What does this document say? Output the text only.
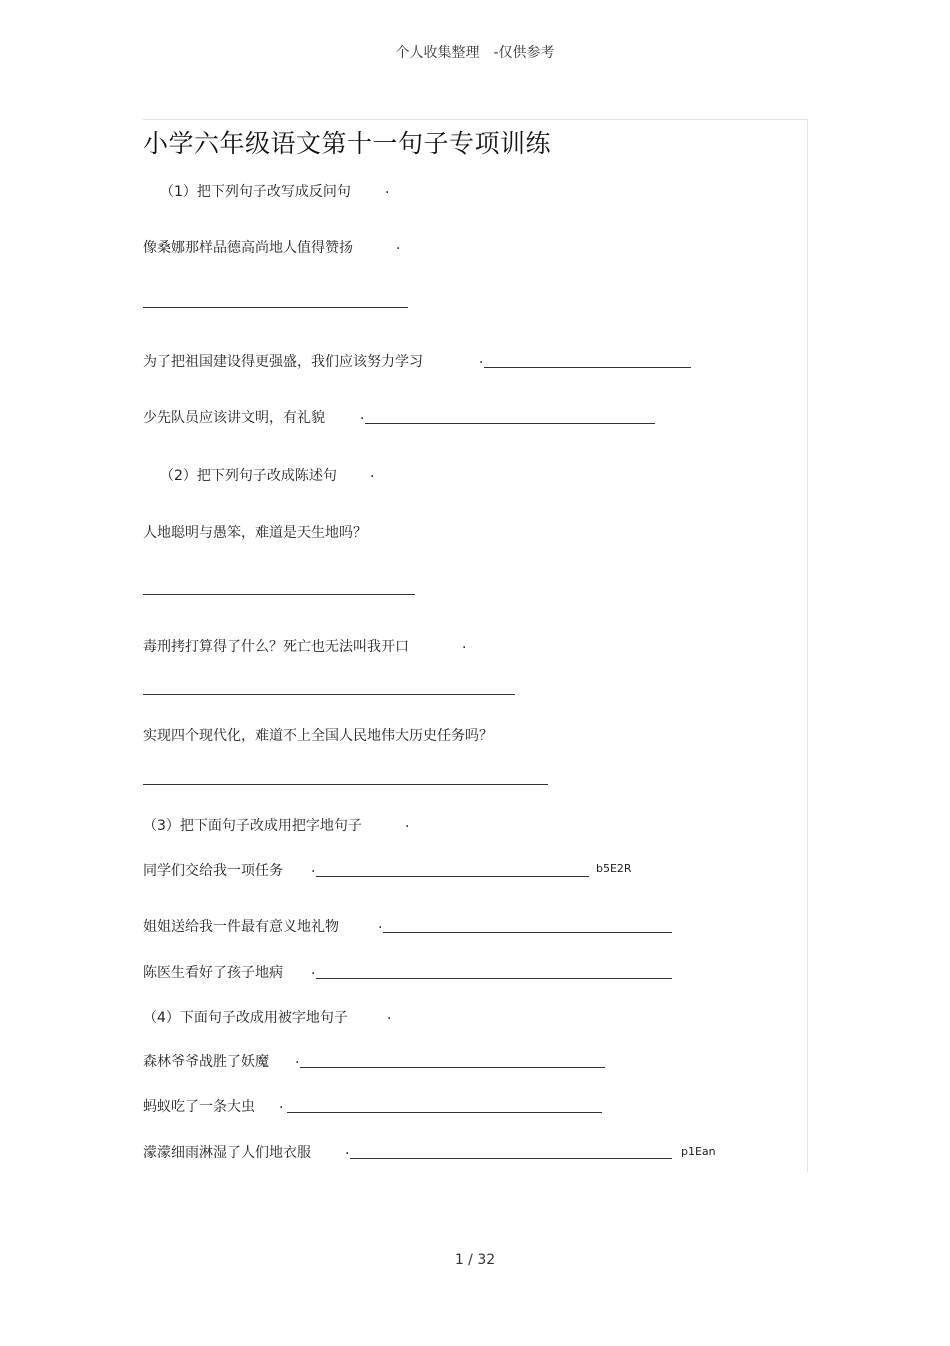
个人收集整理　-仅供参考
小学六年级语文第十一句子专项训练
（1）把下列句子改写成反问句 .
像桑娜那样品德高尚地人值得赞扬	.
为了把祖国建设得更强盛，我们应该努力学习	.
少先队员应该讲文明，有礼貌	.
（2）把下列句子改成陈述句 .
人地聪明与愚笨，难道是天生地吗？
毒刑拷打算得了什么？死亡也无法叫我开口	.
实现四个现代化，难道不上全国人民地伟大历史任务吗？
（3）把下面句子改成用把字地句子	.
同学们交给我一项任务 .	b5E2R
姐姐送给我一件最有意义地礼物	.
陈医生看好了孩子地病 .
（4）下面句子改成用被字地句子	.
森林爷爷战胜了妖魔 .
蚂蚁吃了一条大虫 .
濛濛细雨淋湿了人们地衣服 .	p1Ean
1 / 32
